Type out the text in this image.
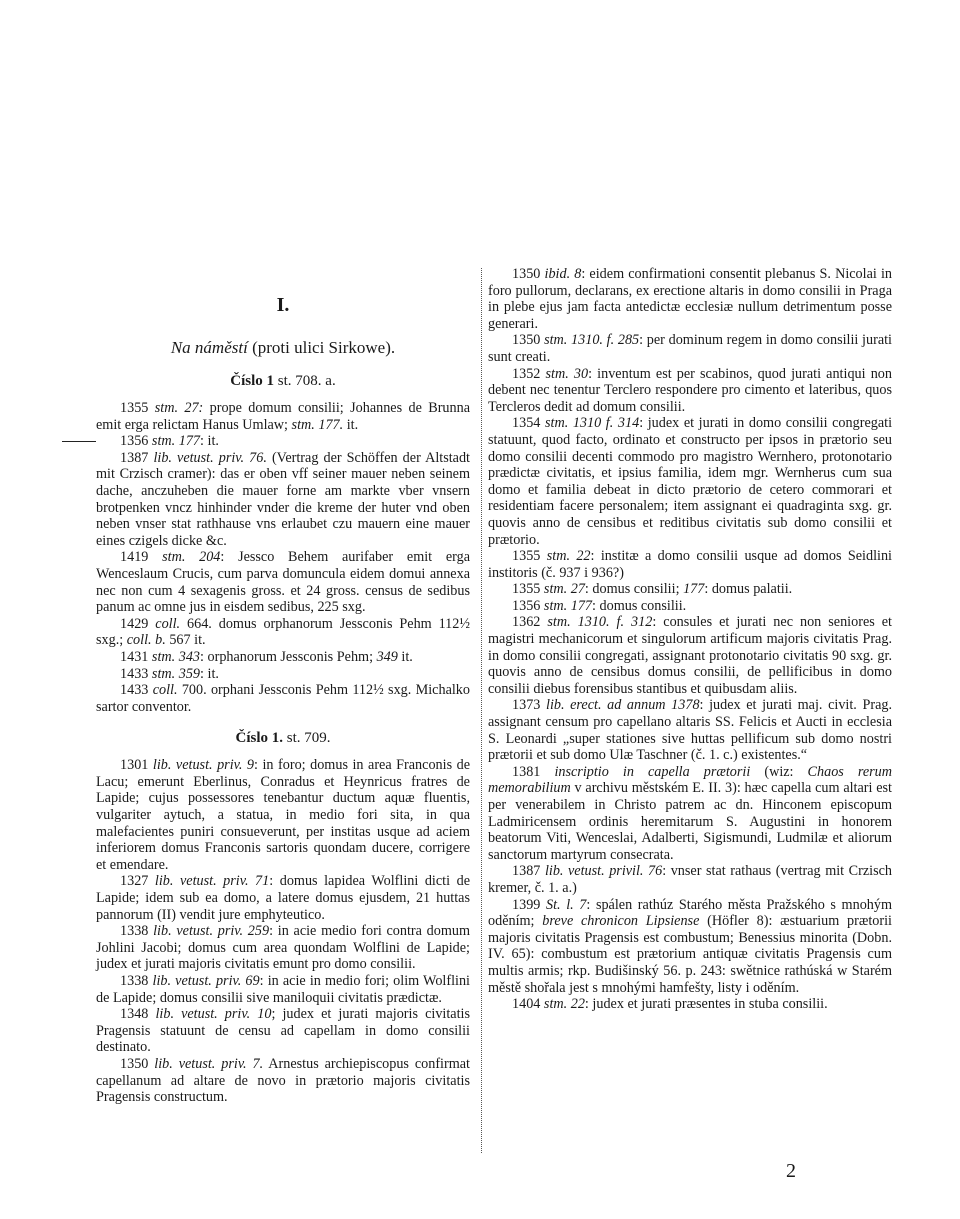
I.
Na náměstí (proti ulici Sirkowe).
Číslo 1 st. 708. a.

1355 stm. 27: prope domum consilii; Johannes de Brunna emit erga relictam Hanus Umlaw; stm. 177. it.

1356 stm. 177: it.

1387 lib. vetust. priv. 76. (Vertrag der Schöffen der Altstadt mit Crzisch cramer): das er oben vff seiner mauer neben seinem dache, anczuheben die mauer forne am markte vber vnsern brotpenken vncz hinhinder vnder die kreme der huter vnd oben neben vnser stat rathhause vns erlaubet czu mauern eine mauer eines czigels dicke &c.

1419 stm. 204: Jessco Behem aurifaber emit erga Wenceslaum Crucis, cum parva domuncula eidem domui annexa nec non cum 4 sexagenis gross. et 24 gross. census de sedibus panum ac omne jus in eisdem sedibus, 225 sxg.

1429 coll. 664. domus orphanorum Jessconis Pehm 112½ sxg.; coll. b. 567 it.

1431 stm. 343: orphanorum Jessconis Pehm; 349 it.

1433 stm. 359: it.

1433 coll. 700. orphani Jessconis Pehm 112½ sxg. Michalko sartor conventor.

Číslo 1. st. 709.

1301 lib. vetust. priv. 9: in foro; domus in area Franconis de Lacu; emerunt Eberlinus, Conradus et Heynricus fratres de Lapide; cujus possessores tenebantur ductum aquæ fluentis, vulgariter aytuch, a statua, in medio fori sita, in qua malefacientes puniri consueverunt, per institas usque ad aciem inferiorem domus Franconis sartoris quondam ducere, corrigere et emendare.

1327 lib. vetust. priv. 71: domus lapidea Wolflini dicti de Lapide; idem sub ea domo, a latere domus ejusdem, 21 huttas pannorum (II) vendit jure emphyteutico.

1338 lib. vetust. priv. 259: in acie medio fori contra domum Johlini Jacobi; domus cum area quondam Wolflini de Lapide; judex et jurati majoris civitatis emunt pro domo consilii.

1338 lib. vetust. priv. 69: in acie in medio fori; olim Wolflini de Lapide; domus consilii sive maniloquii civitatis prædictæ.

1348 lib. vetust. priv. 10; judex et jurati majoris civitatis Pragensis statuunt de censu ad capellam in domo consilii destinato.

1350 lib. vetust. priv. 7. Arnestus archiepiscopus confirmat capellanum ad altare de novo in prætorio majoris civitatis Pragensis constructum.

1350 ibid. 8: eidem confirmationi consentit plebanus S. Nicolai in foro pullorum, declarans, ex erectione altaris in domo consilii in Praga in plebe ejus jam facta antedictæ ecclesiæ nullum detrimentum posse generari.

1350 stm. 1310. f. 285: per dominum regem in domo consilii jurati sunt creati.

1352 stm. 30: inventum est per scabinos, quod jurati antiqui non debent nec tenentur Terclero respondere pro cimento et lateribus, quos Tercleros dedit ad domum consilii.

1354 stm. 1310 f. 314: judex et jurati in domo consilii congregati statuunt, quod facto, ordinato et constructo per ipsos in prætorio seu domo consilii decenti commodo pro magistro Wernhero, protonotario prædictæ civitatis, et ipsius familia, idem mgr. Wernherus cum sua domo et familia debeat in dicto prætorio de cetero commorari et residentiam facere personalem; item assignant ei quadraginta sxg. gr. quovis anno de censibus et reditibus civitatis sub domo consilii et prætorio.

1355 stm. 22: institæ a domo consilii usque ad domos Seidlini institoris (č. 937 i 936?)

1355 stm. 27: domus consilii; 177: domus palatii.

1356 stm. 177: domus consilii.

1362 stm. 1310. f. 312: consules et jurati nec non seniores et magistri mechanicorum et singulorum artificum majoris civitatis Prag. in domo consilii congregati, assignant protonotario civitatis 90 sxg. gr. quovis anno de censibus domus consilii, de pellificibus in domo consilii diebus forensibus stantibus et quibusdam aliis.

1373 lib. erect. ad annum 1378: judex et jurati maj. civit. Prag. assignant censum pro capellano altaris SS. Felicis et Aucti in ecclesia S. Leonardi „super stationes sive huttas pellificum sub domo nostri prætorii et sub domo Ulæ Taschner (č. 1. c.) existentes.“

1381 inscriptio in capella prætorii (wiz: Chaos rerum memorabilium v archivu městském E. II. 3): hæc capella cum altari est per venerabilem in Christo patrem ac dn. Hinconem episcopum Ladmiricensem ordinis heremitarum S. Augustini in honorem beatorum Viti, Wenceslai, Adalberti, Sigismundi, Ludmilæ et aliorum sanctorum martyrum consecrata.

1387 lib. vetust. privil. 76: vnser stat rathaus (vertrag mit Crzisch kremer, č. 1. a.)

1399 St. l. 7: spálen rathúz Starého města Pražského s mnohým oděním; breve chronicon Lipsiense (Höfler 8): æstuarium prætorii majoris civitatis Pragensis est combustum; Benessius minorita (Dobn. IV. 65): combustum est prætorium antiquæ civitatis Pragensis cum multis armis; rkp. Budišinský 56. p. 243: swětnice rathúská w Starém městě shořala jest s mnohými hamfešty, listy i oděním.

1404 stm. 22: judex et jurati præsentes in stuba consilii.

2
